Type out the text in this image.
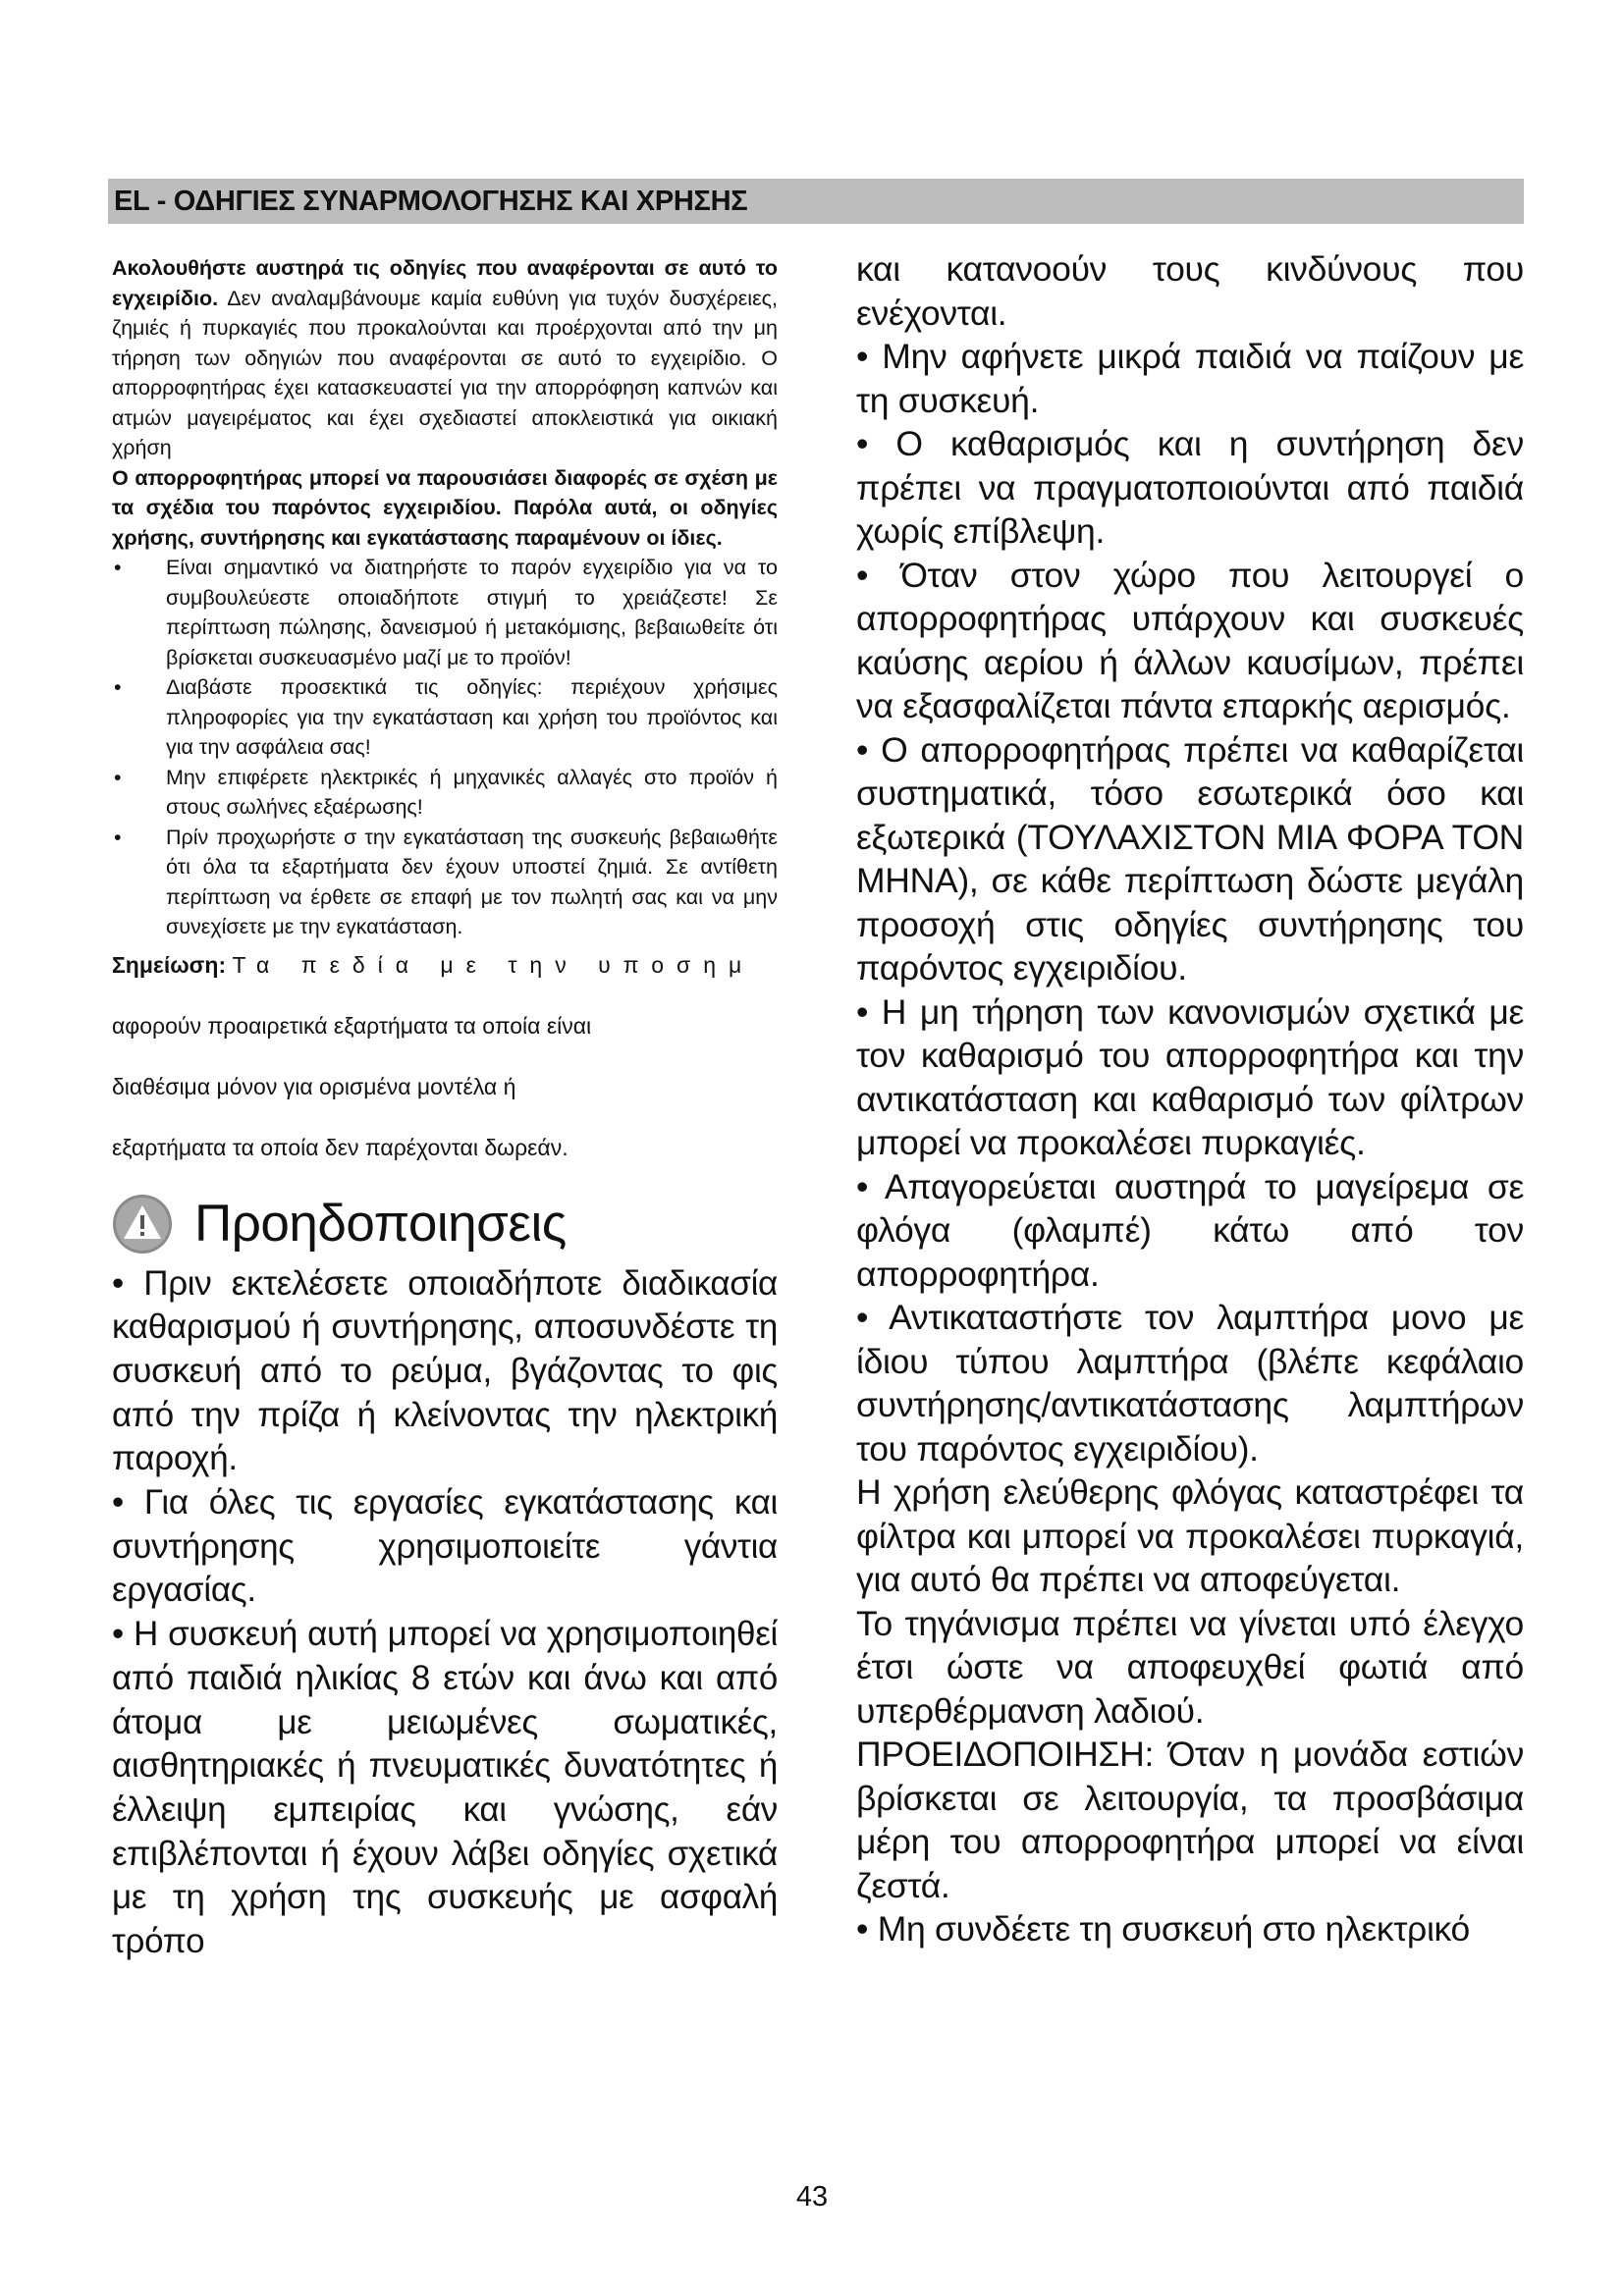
EL - ΟΔΗΓΙΕΣ ΣΥΝΑΡΜΟΛΟΓΗΣΗΣ ΚΑΙ ΧΡΗΣΗΣ

Ακολουθήστε αυστηρά τις οδηγίες που αναφέρονται σε αυτό το εγχειρίδιο. Δεν αναλαμβάνουμε καμία ευθύνη για τυχόν δυσχέρειες, ζημιές ή πυρκαγιές που προκαλούνται και προέρχονται από την μη τήρηση των οδηγιών που αναφέρονται σε αυτό το εγχειρίδιο. Ο απορροφητήρας έχει κατασκευαστεί για την απορρόφηση καπνών και ατμών μαγειρέματος και έχει σχεδιαστεί αποκλειστικά για οικιακή χρήση

Ο απορροφητήρας μπορεί να παρουσιάσει διαφορές σε σχέση με τα σχέδια του παρόντος εγχειριδίου. Παρόλα αυτά, οι οδηγίες χρήσης, συντήρησης και εγκατάστασης παραμένουν οι ίδιες.

• Είναι σημαντικό να διατηρήστε το παρόν εγχειρίδιο για να το συμβουλεύεστε οποιαδήποτε στιγμή το χρειάζεστε! Σε περίπτωση πώλησης, δανεισμού ή μετακόμισης, βεβαιωθείτε ότι βρίσκεται συσκευασμένο μαζί με το προϊόν!
• Διαβάστε προσεκτικά τις οδηγίες: περιέχουν χρήσιμες πληροφορίες για την εγκατάσταση και χρήση του προϊόντος και για την ασφάλεια σας!
• Μην επιφέρετε ηλεκτρικές ή μηχανικές αλλαγές στο προϊόν ή στους σωλήνες εξαέρωσης!
• Πρίν προχωρήστε σ την εγκατάσταση της συσκευής βεβαιωθήτε ότι όλα τα εξαρτήματα δεν έχουν υποστεί ζημιά. Σε αντίθετη περίπτωση να έρθετε σε επαφή με τον πωλητή σας και να μην συνεχίσετε με την εγκατάσταση.

Σημείωση: Τα πεδία με την υποσημ

αφορούν προαιρετικά εξαρτήματα τα οποία είναι

διαθέσιμα μόνον για ορισμένα μοντέλα ή

εξαρτήματα τα οποία δεν παρέχονται δωρεάν.

Προηδοποιησεις

• Πριν εκτελέσετε οποιαδήποτε διαδικασία καθαρισμού ή συντήρησης, αποσυνδέστε τη συσκευή από το ρεύμα, βγάζοντας το φις από την πρίζα ή κλείνοντας την ηλεκτρική παροχή.

• Για όλες τις εργασίες εγκατάστασης και συντήρησης χρησιμοποιείτε γάντια εργασίας.

• Η συσκευή αυτή μπορεί να χρησιμοποιηθεί από παιδιά ηλικίας 8 ετών και άνω και από άτομα με μειωμένες σωματικές, αισθητηριακές ή πνευματικές δυνατότητες ή έλλειψη εμπειρίας και γνώσης, εάν επιβλέπονται ή έχουν λάβει οδηγίες σχετικά με τη χρήση της συσκευής με ασφαλή τρόπο

και κατανοούν τους κινδύνους που ενέχονται.

• Μην αφήνετε μικρά παιδιά να παίζουν με τη συσκευή.

• Ο καθαρισμός και η συντήρηση δεν πρέπει να πραγματοποιούνται από παιδιά χωρίς επίβλεψη.

• Όταν στον χώρο που λειτουργεί ο απορροφητήρας υπάρχουν και συσκευές καύσης αερίου ή άλλων καυσίμων, πρέπει να εξασφαλίζεται πάντα επαρκής αερισμός.

• Ο απορροφητήρας πρέπει να καθαρίζεται συστηματικά, τόσο εσωτερικά όσο και εξωτερικά (ΤΟΥΛΑΧΙΣΤΟΝ ΜΙΑ ΦΟΡΑ ΤΟΝ ΜΗΝΑ), σε κάθε περίπτωση δώστε μεγάλη προσοχή στις οδηγίες συντήρησης του παρόντος εγχειριδίου.

• Η μη τήρηση των κανονισμών σχετικά με τον καθαρισμό του απορροφητήρα και την αντικατάσταση και καθαρισμό των φίλτρων μπορεί να προκαλέσει πυρκαγιές.

• Απαγορεύεται αυστηρά το μαγείρεμα σε φλόγα (φλαμπέ) κάτω από τον απορροφητήρα.

• Αντικαταστήστε τον λαμπτήρα μονο με ίδιου τύπου λαμπτήρα (βλέπε κεφάλαιο συντήρησης/αντικατάστασης λαμπτήρων του παρόντος εγχειριδίου).

Η χρήση ελεύθερης φλόγας καταστρέφει τα φίλτρα και μπορεί να προκαλέσει πυρκαγιά, για αυτό θα πρέπει να αποφεύγεται.

Το τηγάνισμα πρέπει να γίνεται υπό έλεγχο έτσι ώστε να αποφευχθεί φωτιά από υπερθέρμανση λαδιού.

ΠΡΟΕΙΔΟΠΟΙΗΣΗ: Όταν η μονάδα εστιών βρίσκεται σε λειτουργία, τα προσβάσιμα μέρη του απορροφητήρα μπορεί να είναι ζεστά.

• Μη συνδέετε τη συσκευή στο ηλεκτρικό

43
